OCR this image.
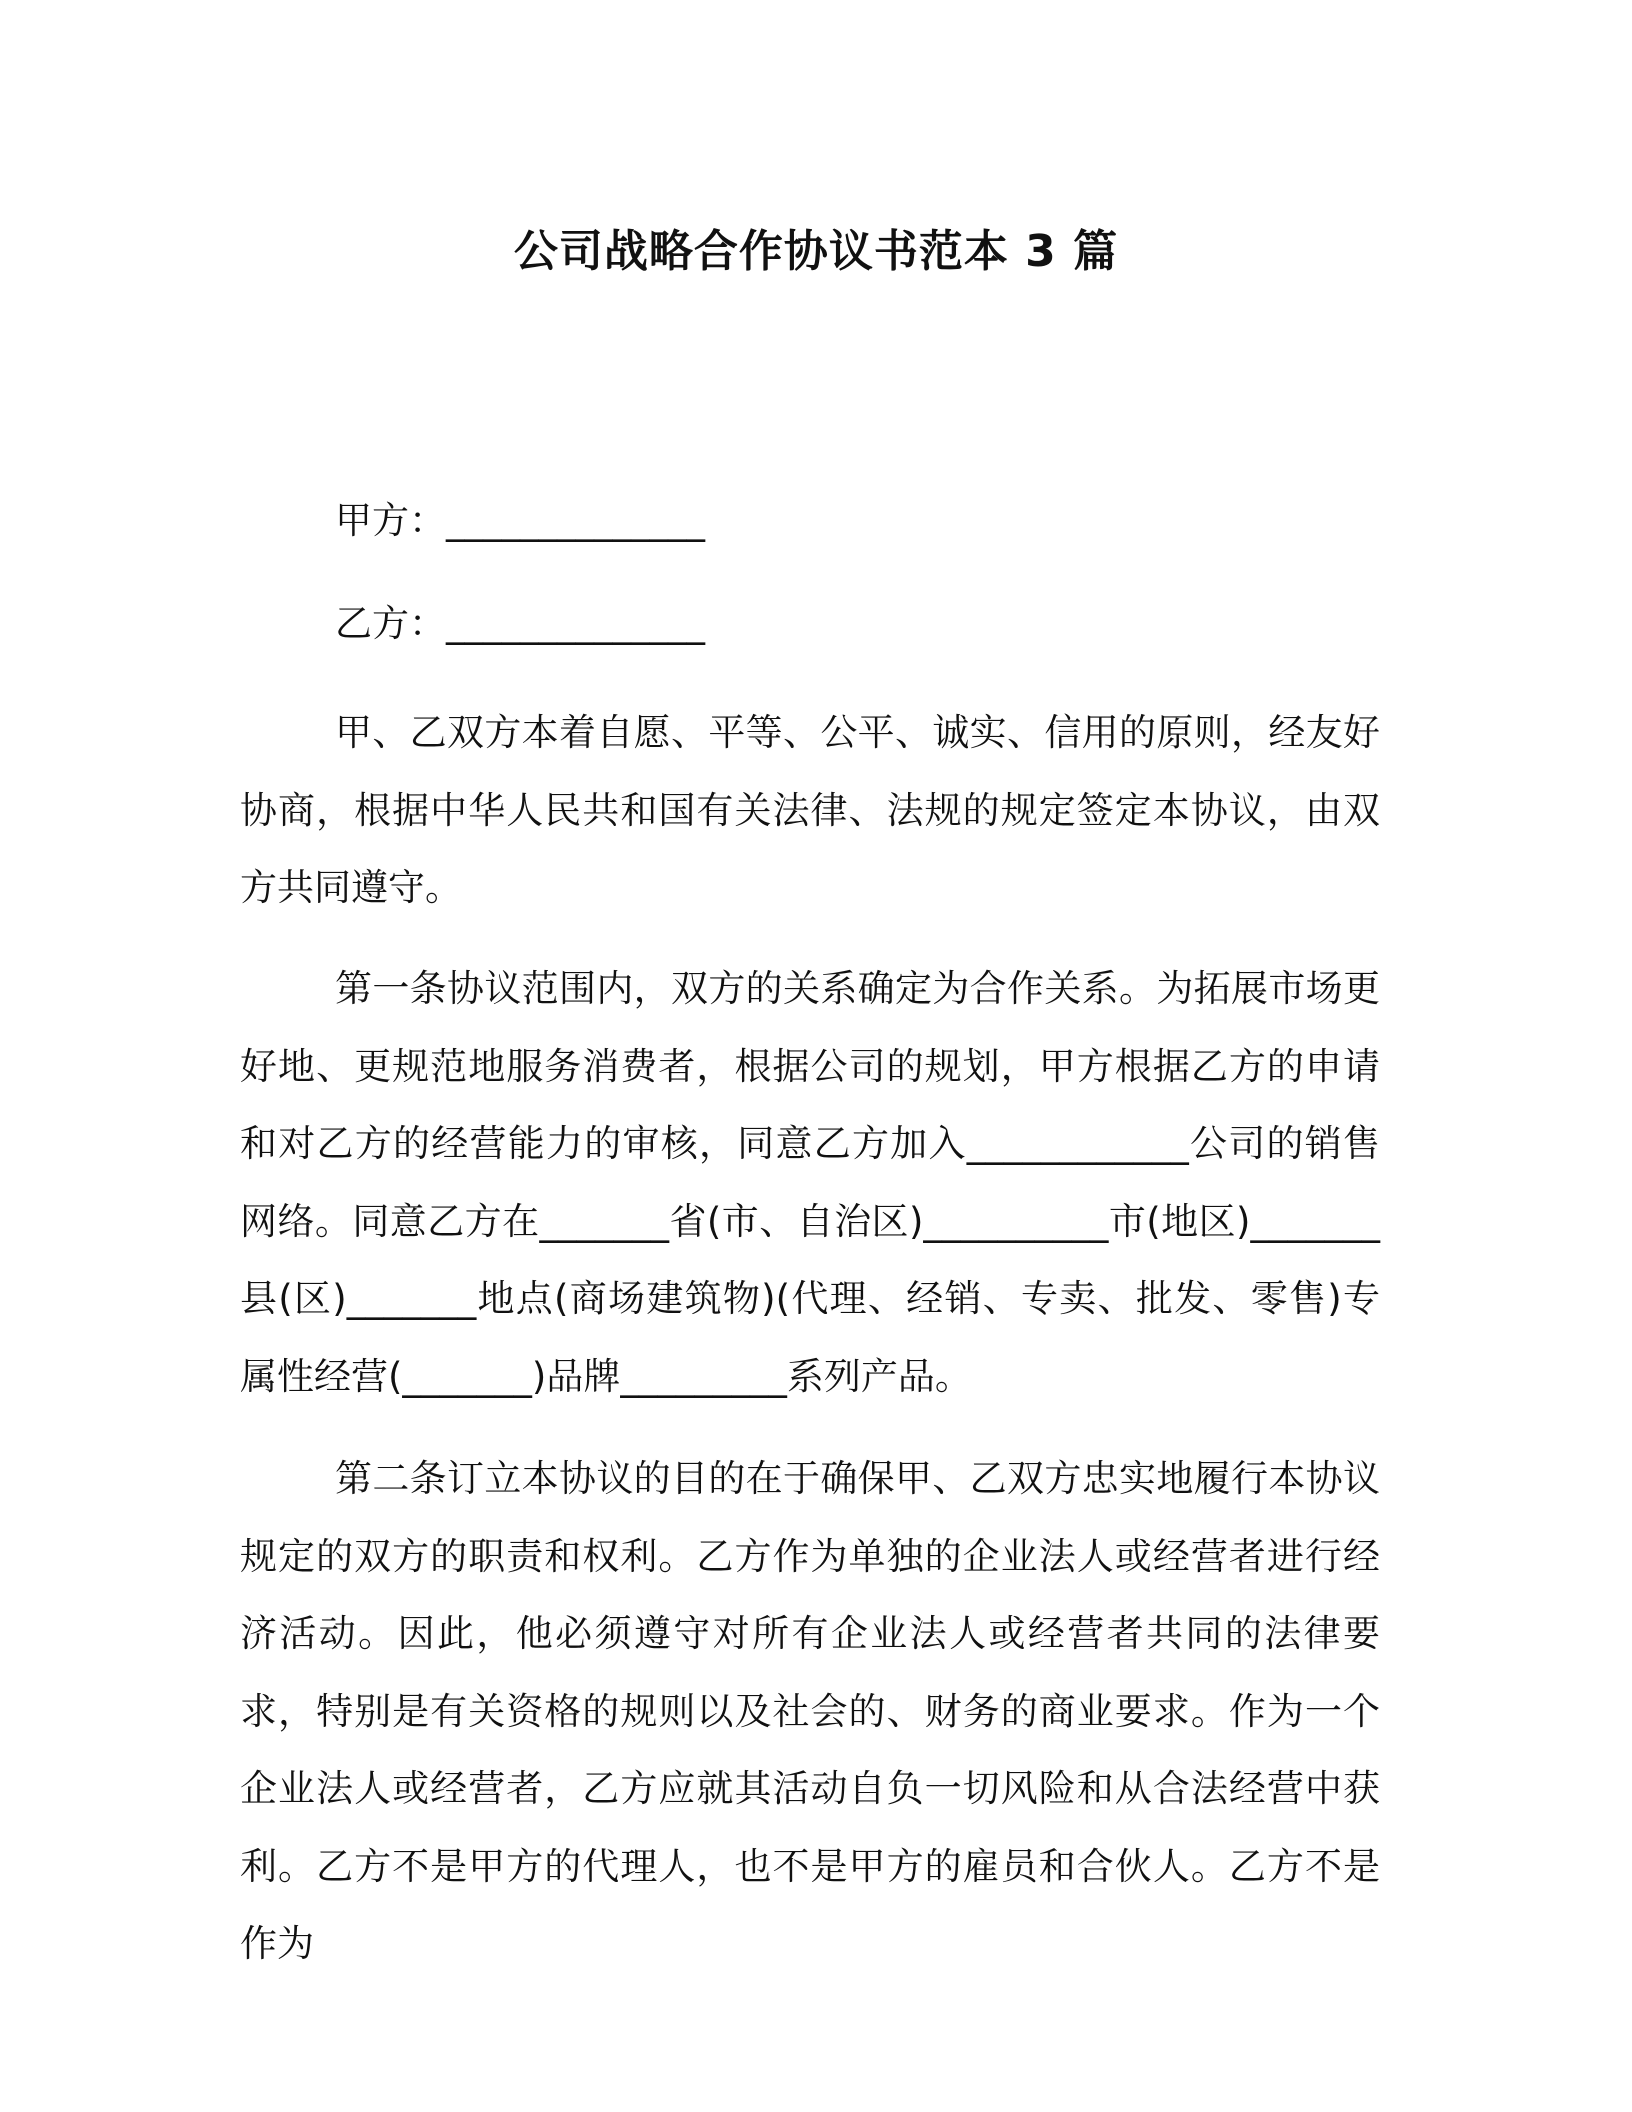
公司战略合作协议书范本 3 篇

甲方：______________

乙方：______________

甲、乙双方本着自愿、平等、公平、诚实、信用的原则，经友好协商，根据中华人民共和国有关法律、法规的规定签定本协议，由双方共同遵守。

第一条协议范围内，双方的关系确定为合作关系。为拓展市场更好地、更规范地服务消费者，根据公司的规划，甲方根据乙方的申请和对乙方的经营能力的审核，同意乙方加入____________公司的销售网络。同意乙方在_______省(市、自治区)__________市(地区)_______县(区)_______地点(商场建筑物)(代理、经销、专卖、批发、零售)专属性经营(_______)品牌_________系列产品。

第二条订立本协议的目的在于确保甲、乙双方忠实地履行本协议规定的双方的职责和权利。乙方作为单独的企业法人或经营者进行经济活动。因此，他必须遵守对所有企业法人或经营者共同的法律要求，特别是有关资格的规则以及社会的、财务的商业要求。作为一个企业法人或经营者，乙方应就其活动自负一切风险和从合法经营中获利。乙方不是甲方的代理人，也不是甲方的雇员和合伙人。乙方不是作为
